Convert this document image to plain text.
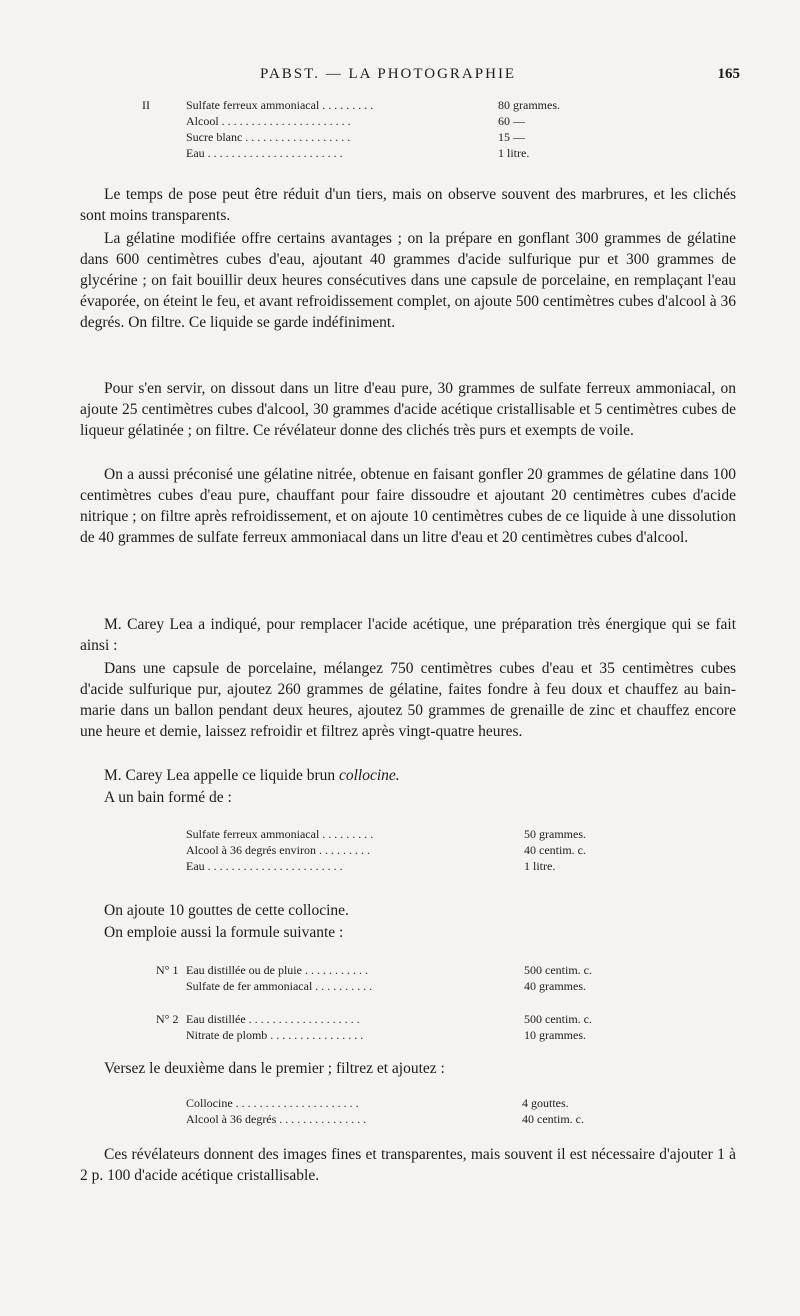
PABST. — LA PHOTOGRAPHIE	165
II	Sulfate ferreux ammoniacal . . . . . . . . .	80 grammes.
Alcool . . . . . . . . . . . . . . . . . . . . . .	60 —
Sucre blanc . . . . . . . . . . . . . . . . . .	15 —
Eau . . . . . . . . . . . . . . . . . . . . . . .	1 litre.

Le temps de pose peut être réduit d'un tiers, mais on observe souvent des marbrures, et les clichés sont moins transparents.

La gélatine modifiée offre certains avantages ; on la prépare en gonflant 300 grammes de gélatine dans 600 centimètres cubes d'eau, ajoutant 40 grammes d'acide sulfurique pur et 300 grammes de glycérine ; on fait bouillir deux heures consécutives dans une capsule de porcelaine, en remplaçant l'eau évaporée, on éteint le feu, et avant refroidissement complet, on ajoute 500 centimètres cubes d'alcool à 36 degrés. On filtre. Ce liquide se garde indéfiniment.

Pour s'en servir, on dissout dans un litre d'eau pure, 30 grammes de sulfate ferreux ammoniacal, on ajoute 25 centimètres cubes d'alcool, 30 grammes d'acide acétique cristallisable et 5 centimètres cubes de liqueur gélatinée ; on filtre. Ce révélateur donne des clichés très purs et exempts de voile.

On a aussi préconisé une gélatine nitrée, obtenue en faisant gonfler 20 grammes de gélatine dans 100 centimètres cubes d'eau pure, chauffant pour faire dissoudre et ajoutant 20 centimètres cubes d'acide nitrique ; on filtre après refroidissement, et on ajoute 10 centimètres cubes de ce liquide à une dissolution de 40 grammes de sulfate ferreux ammoniacal dans un litre d'eau et 20 centimètres cubes d'alcool.

M. Carey Lea a indiqué, pour remplacer l'acide acétique, une préparation très énergique qui se fait ainsi :

Dans une capsule de porcelaine, mélangez 750 centimètres cubes d'eau et 35 centimètres cubes d'acide sulfurique pur, ajoutez 260 grammes de gélatine, faites fondre à feu doux et chauffez au bain-marie dans un ballon pendant deux heures, ajoutez 50 grammes de grenaille de zinc et chauffez encore une heure et demie, laissez refroidir et filtrez après vingt-quatre heures.

M. Carey Lea appelle ce liquide brun collocine.

A un bain formé de :

Sulfate ferreux ammoniacal . . . . . . . . .	50 grammes.
Alcool à 36 degrés environ . . . . . . . . .	40 centim. c.
Eau . . . . . . . . . . . . . . . . . . . . . . .	1 litre.

On ajoute 10 gouttes de cette collocine.

On emploie aussi la formule suivante :

N° 1 Eau distillée ou de pluie . . . . . . . . . . .	500 centim. c.
Sulfate de fer ammoniacal . . . . . . . . . .	40 grammes.
N° 2 Eau distillée . . . . . . . . . . . . . . . . . . .	500 centim. c.
Nitrate de plomb . . . . . . . . . . . . . . . .	10 grammes.

Versez le deuxième dans le premier ; filtrez et ajoutez :

Collocine . . . . . . . . . . . . . . . . . . . . .	4 gouttes.
Alcool à 36 degrés . . . . . . . . . . . . . . .	40 centim. c.

Ces révélateurs donnent des images fines et transparentes, mais souvent il est nécessaire d'ajouter 1 à 2 p. 100 d'acide acétique cristallisable.
